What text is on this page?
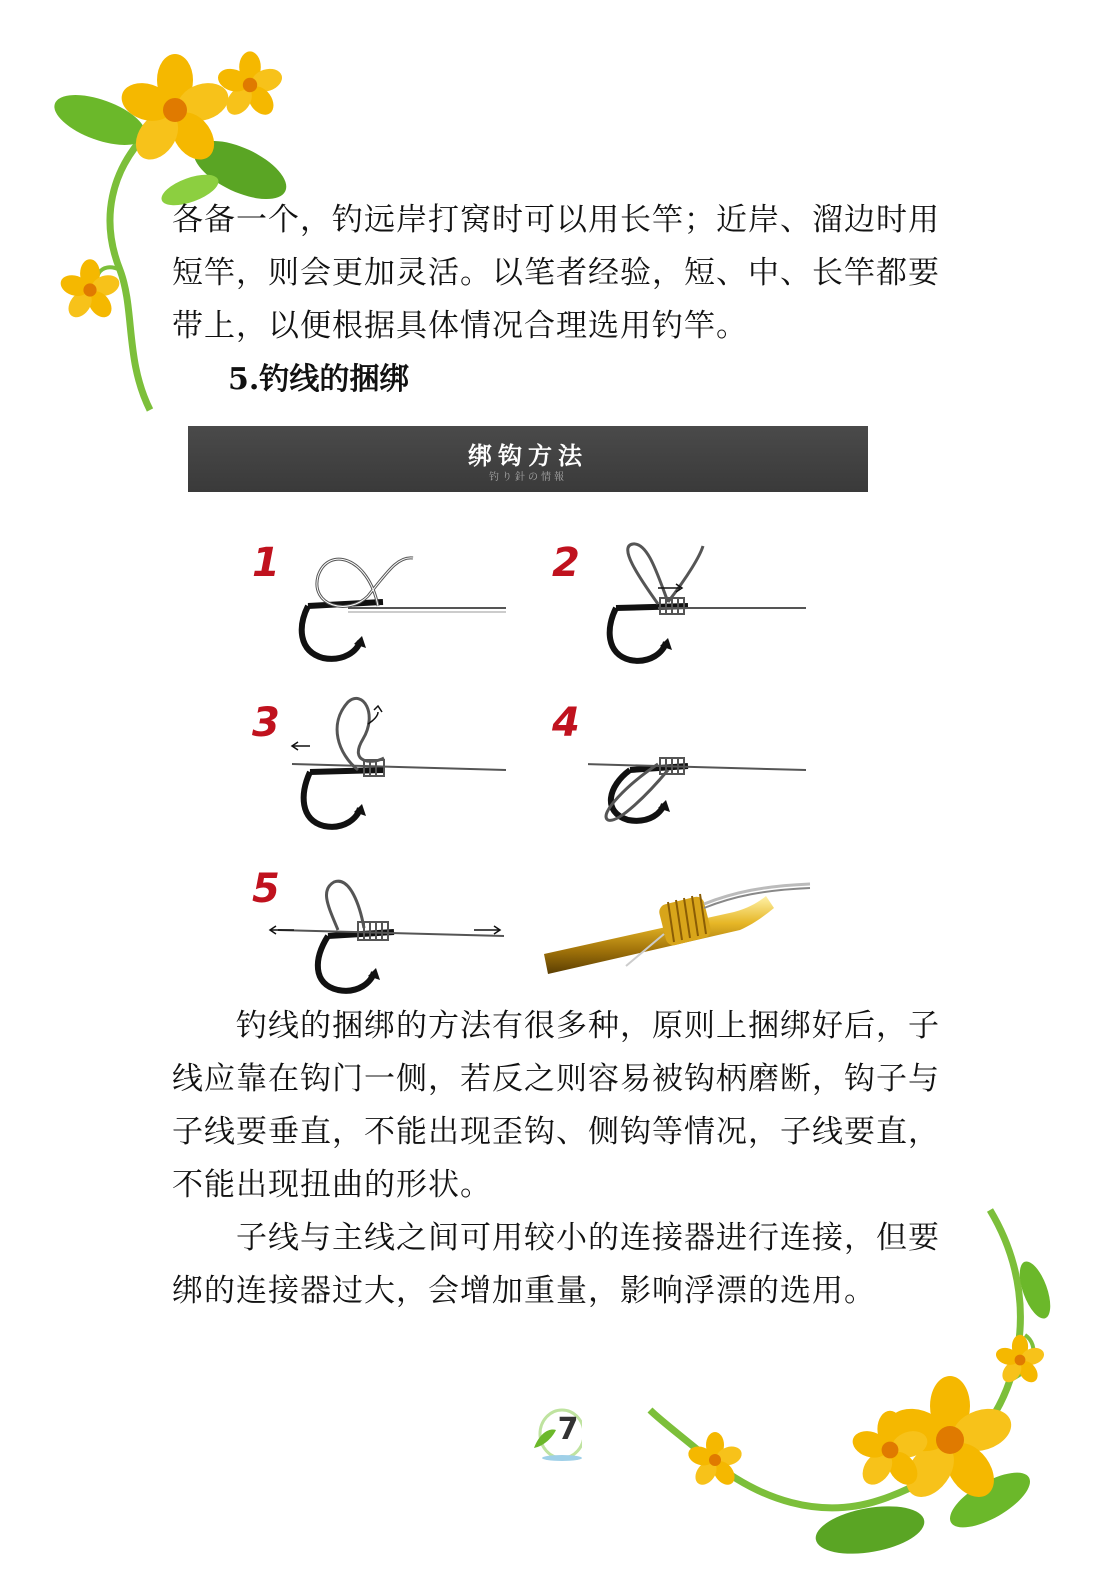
各备一个，钓远岸打窝时可以用长竿；近岸、溜边时用
短竿，则会更加灵活。以笔者经验，短、中、长竿都要
带上，以便根据具体情况合理选用钓竿。

5.钓线的捆绑
绑钩方法
钓り針の情報
1	2
3	4
5

　　钓线的捆绑的方法有很多种，原则上捆绑好后，子
线应靠在钩门一侧，若反之则容易被钩柄磨断，钩子与
子线要垂直，不能出现歪钩、侧钩等情况，子线要直，
不能出现扭曲的形状。

　　子线与主线之间可用较小的连接器进行连接，但要
绑的连接器过大，会增加重量，影响浮漂的选用。

7
